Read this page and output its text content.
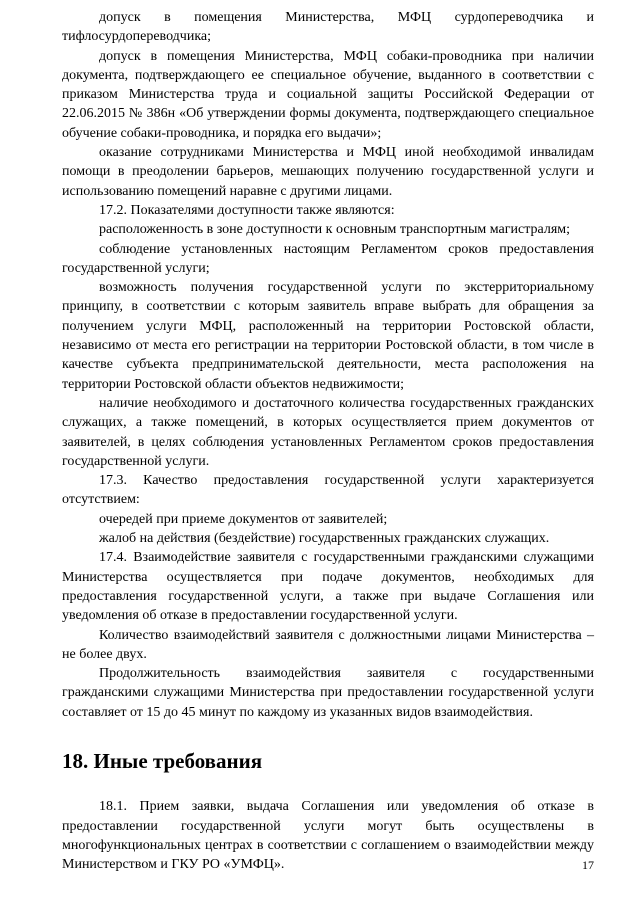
допуск в помещения Министерства, МФЦ сурдопереводчика и тифлосурдопереводчика;

допуск в помещения Министерства, МФЦ собаки-проводника при наличии документа, подтверждающего ее специальное обучение, выданного в соответствии с приказом Министерства труда и социальной защиты Российской Федерации от 22.06.2015 № 386н «Об утверждении формы документа, подтверждающего специальное обучение собаки-проводника, и порядка его выдачи»;

оказание сотрудниками Министерства и МФЦ иной необходимой инвалидам помощи в преодолении барьеров, мешающих получению государственной услуги и использованию помещений наравне с другими лицами.

17.2. Показателями доступности также являются:

расположенность в зоне доступности к основным транспортным магистралям;

соблюдение установленных настоящим Регламентом сроков предоставления государственной услуги;

возможность получения государственной услуги по экстерриториальному принципу, в соответствии с которым заявитель вправе выбрать для обращения за получением услуги МФЦ, расположенный на территории Ростовской области, независимо от места его регистрации на территории Ростовской области, в том числе в качестве субъекта предпринимательской деятельности, места расположения на территории Ростовской области объектов недвижимости;

наличие необходимого и достаточного количества государственных гражданских служащих, а также помещений, в которых осуществляется прием документов от заявителей, в целях соблюдения установленных Регламентом сроков предоставления государственной услуги.

17.3. Качество предоставления государственной услуги характеризуется отсутствием:

очередей при приеме документов от заявителей;

жалоб на действия (бездействие) государственных гражданских служащих.

17.4. Взаимодействие заявителя с государственными гражданскими служащими Министерства осуществляется при подаче документов, необходимых для предоставления государственной услуги, а также при выдаче Соглашения или уведомления об отказе в предоставлении государственной услуги.

Количество взаимодействий заявителя с должностными лицами Министерства – не более двух.

Продолжительность взаимодействия заявителя с государственными гражданскими служащими Министерства при предоставлении государственной услуги составляет от 15 до 45 минут по каждому из указанных видов взаимодействия.

18. Иные требования

18.1. Прием заявки, выдача Соглашения или уведомления об отказе в предоставлении государственной услуги могут быть осуществлены в многофункциональных центрах в соответствии с соглашением о взаимодействии между Министерством и ГКУ РО «УМФЦ».	17
